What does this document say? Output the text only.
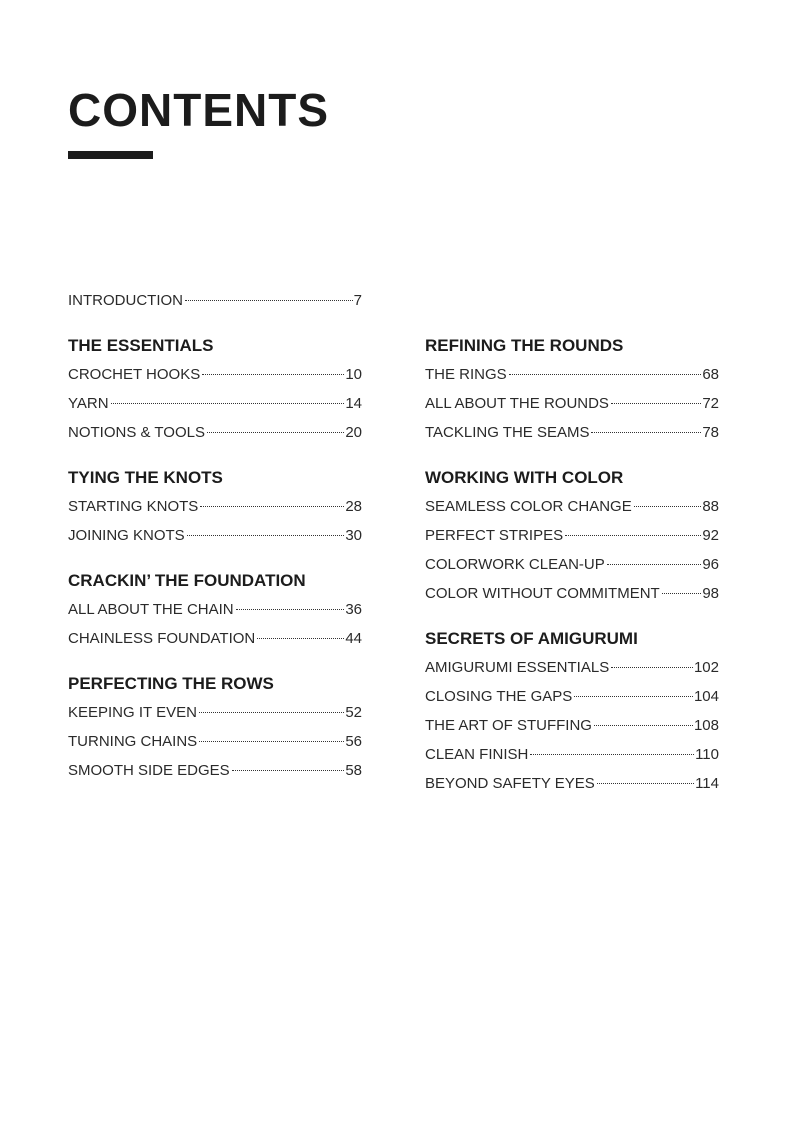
CONTENTS
INTRODUCTION	7
THE ESSENTIALS
CROCHET HOOKS	10
YARN	14
NOTIONS & TOOLS	20
TYING THE KNOTS
STARTING KNOTS	28
JOINING KNOTS	30
CRACKIN’ THE FOUNDATION
ALL ABOUT THE CHAIN	36
CHAINLESS FOUNDATION	44
PERFECTING THE ROWS
KEEPING IT EVEN	52
TURNING CHAINS	56
SMOOTH SIDE EDGES	58
REFINING THE ROUNDS
THE RINGS	68
ALL ABOUT THE ROUNDS	72
TACKLING THE SEAMS	78
WORKING WITH COLOR
SEAMLESS COLOR CHANGE	88
PERFECT STRIPES	92
COLORWORK CLEAN-UP	96
COLOR WITHOUT COMMITMENT	98
SECRETS OF AMIGURUMI
AMIGURUMI ESSENTIALS	102
CLOSING THE GAPS	104
THE ART OF STUFFING	108
CLEAN FINISH	110
BEYOND SAFETY EYES	114
